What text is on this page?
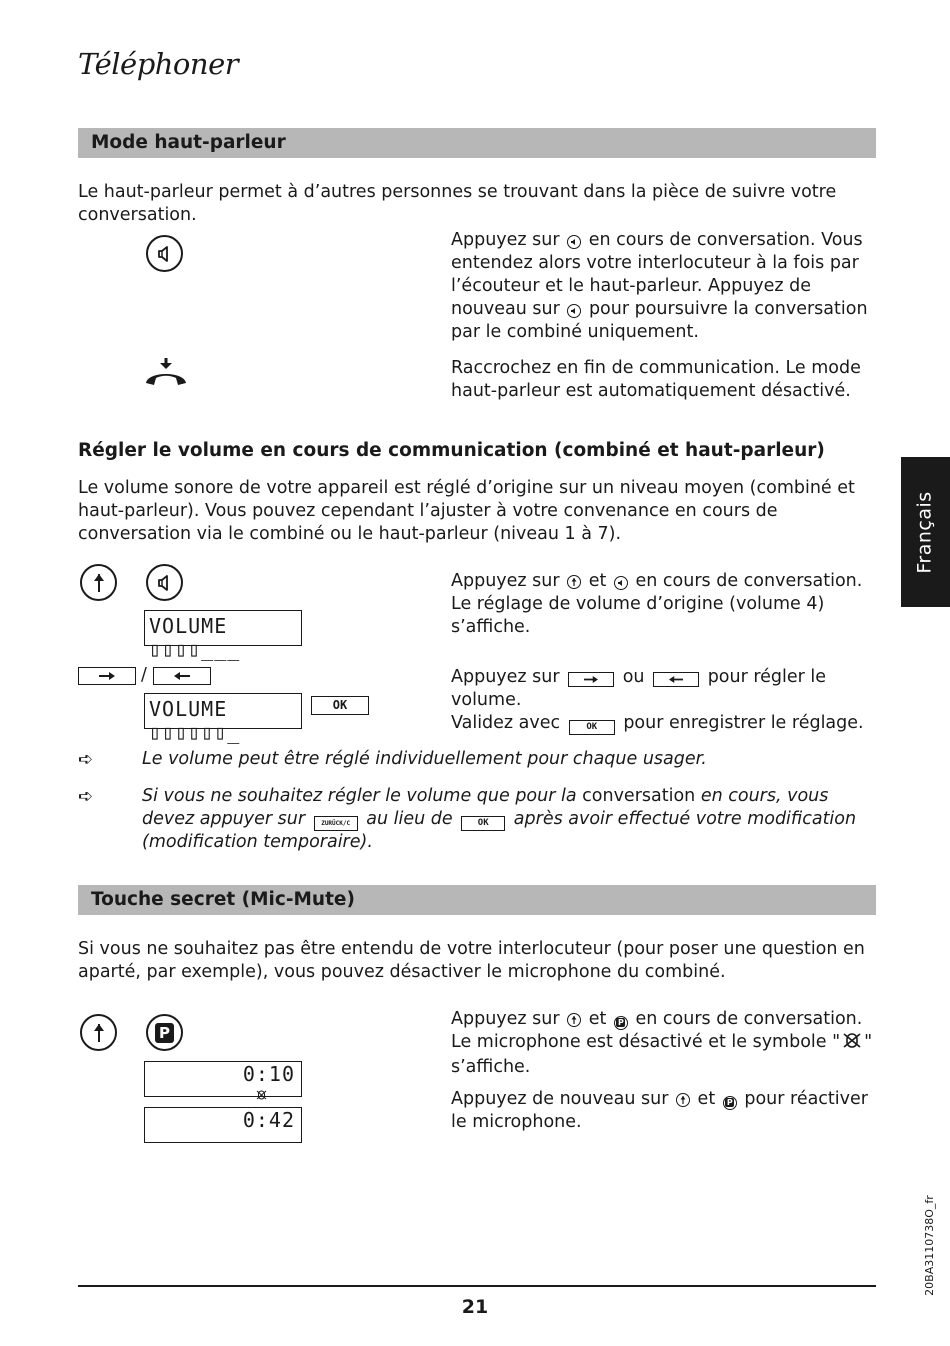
Téléphoner
Français
Mode haut-parleur
Le haut-parleur permet à d’autres personnes se trouvant dans la pièce de suivre votre conversation.
Appuyez sur en cours de conversation. Vous entendez alors votre interlocuteur à la fois par l’écouteur et le haut-parleur. Appuyez de nouveau sur pour poursuivre la conversation par le combiné uniquement.
Raccrochez en fin de communication. Le mode haut-parleur est automatiquement désactivé.
Régler le volume en cours de communication (combiné et haut-parleur)
Le volume sonore de votre appareil est réglé d’origine sur un niveau moyen (combiné et haut-parleur). Vous pouvez cependant l’ajuster à votre convenance en cours de conversation via le combiné ou le haut-parleur (niveau 1 à 7).
VOLUME ▯▯▯▯___
Appuyez sur et en cours de conversation.
Le réglage de volume d’origine (volume 4) s’affiche.
/
VOLUME ▯▯▯▯▯▯_
OK
Appuyez sur	ou	pour régler le volume.
Validez avec	OK pour enregistrer le réglage.
➪	Le volume peut être réglé individuellement pour chaque usager.
➪	Si vous ne souhaitez régler le volume que pour la conversation en cours, vous devez appuyer sur	ZURÜCK/C au lieu de	OK après avoir effectué votre modification (modification temporaire).
Touche secret (Mic-Mute)
Si vous ne souhaitez pas être entendu de votre interlocuteur (pour poser une question en aparté, par exemple), vous pouvez désactiver le microphone du combiné.
P
0:10
0:42
Appuyez sur et P en cours de conversation.
Le microphone est désactivé et le symbole " " s’affiche.
Appuyez de nouveau sur et P pour réactiver le microphone.
20BA3110738O_fr
21
